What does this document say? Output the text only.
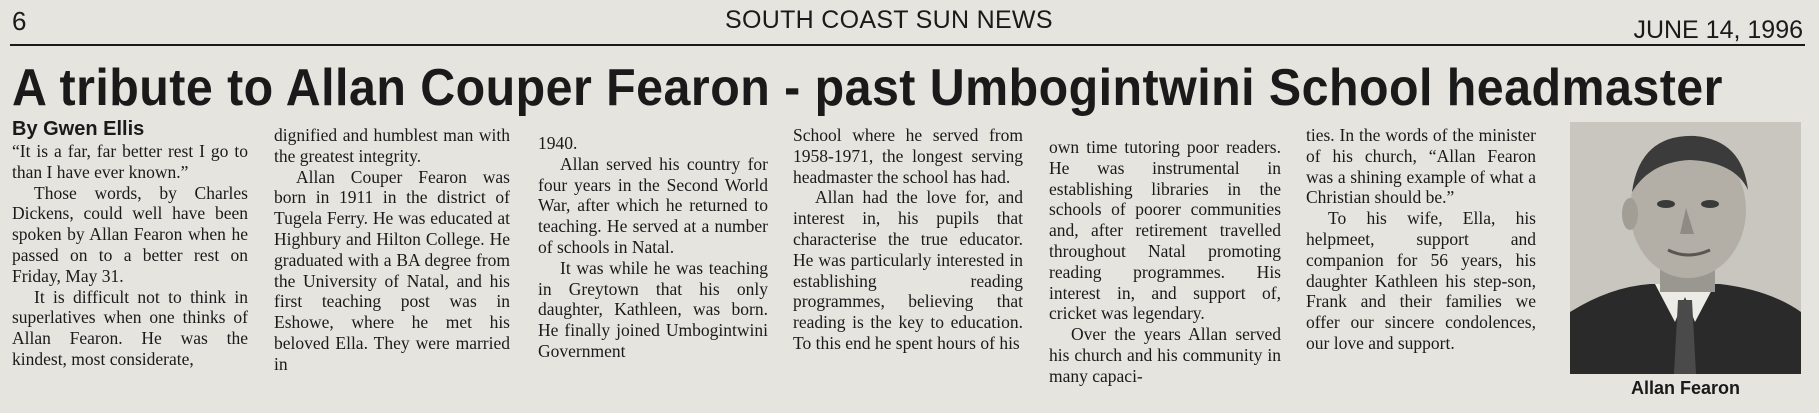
6	SOUTH COAST SUN NEWS	JUNE 14, 1996
A tribute to Allan Couper Fearon - past Umbogintwini School headmaster
By Gwen Ellis

“It is a far, far better rest I go to than I have ever known.”

Those words, by Charles Dickens, could well have been spoken by Allan Fearon when he passed on to a better rest on Friday, May 31.

It is difficult not to think in superlatives when one thinks of Allan Fearon. He was the kindest, most considerate,

dignified and humblest man with the greatest integrity.

Allan Couper Fearon was born in 1911 in the district of Tugela Ferry. He was educated at Highbury and Hilton College. He graduated with a BA degree from the University of Natal, and his first teaching post was in Eshowe, where he met his beloved Ella. They were married in

1940.

Allan served his country for four years in the Second World War, after which he returned to teaching. He served at a number of schools in Natal.

It was while he was teaching in Greytown that his only daughter, Kathleen, was born. He finally joined Umbogintwini Government

School where he served from 1958-1971, the longest serving headmaster the school has had.

Allan had the love for, and interest in, his pupils that characterise the true educator. He was particularly interested in establishing reading programmes, believing that reading is the key to education. To this end he spent hours of his

own time tutoring poor readers. He was instrumental in establishing libraries in the schools of poorer communities and, after retirement travelled throughout Natal promoting reading programmes. His interest in, and support of, cricket was legendary.

Over the years Allan served his church and his community in many capaci-

ties. In the words of the minister of his church, “Allan Fearon was a shining example of what a Christian should be.”

To his wife, Ella, his helpmeet, support and companion for 56 years, his daughter Kathleen his step-son, Frank and their families we offer our sincere condolences, our love and support.

Allan Fearon
